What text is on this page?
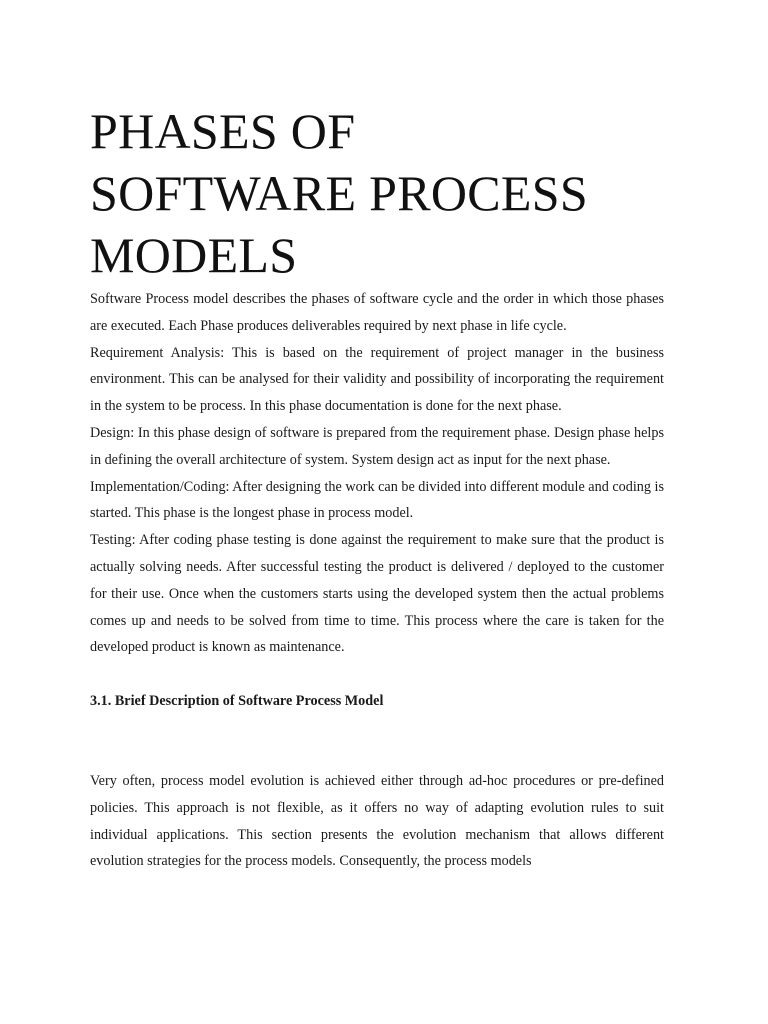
PHASES OF
SOFTWARE PROCESS
MODELS

Software Process model describes the phases of software cycle and the order in which those phases are executed. Each Phase produces deliverables required by next phase in life cycle.

Requirement Analysis: This is based on the requirement of project manager in the business environment. This can be analysed for their validity and possibility of incorporating the requirement in the system to be process. In this phase documentation is done for the next phase.

Design: In this phase design of software is prepared from the requirement phase. Design phase helps in defining the overall architecture of system. System design act as input for the next phase.

Implementation/Coding: After designing the work can be divided into different module and coding is started. This phase is the longest phase in process model.

Testing: After coding phase testing is done against the requirement to make sure that the product is actually solving needs. After successful testing the product is delivered / deployed to the customer for their use. Once when the customers starts using the developed system then the actual problems comes up and needs to be solved from time to time. This process where the care is taken for the developed product is known as maintenance.

3.1. Brief Description of Software Process Model

Very often, process model evolution is achieved either through ad-hoc procedures or pre-defined policies. This approach is not flexible, as it offers no way of adapting evolution rules to suit individual applications. This section presents the evolution mechanism that allows different evolution strategies for the process models. Consequently, the process models
